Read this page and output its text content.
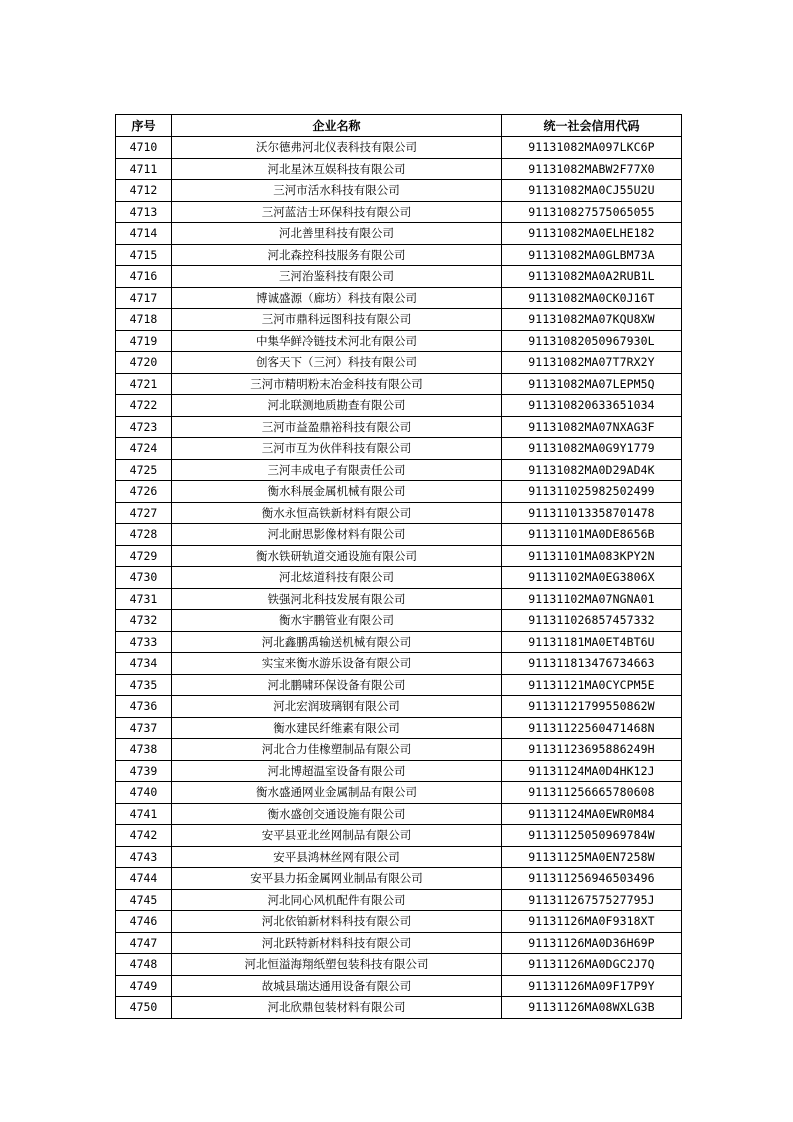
序号	企业名称	统一社会信用代码
4710	沃尔德弗河北仪表科技有限公司	91131082MA097LKC6P
4711	河北星沐互娱科技有限公司	91131082MABW2F77X0
4712	三河市活水科技有限公司	91131082MA0CJ55U2U
4713	三河蓝洁士环保科技有限公司	911310827575065055
4714	河北善里科技有限公司	91131082MA0ELHE182
4715	河北森控科技服务有限公司	91131082MA0GLBM73A
4716	三河治鉴科技有限公司	91131082MA0A2RUB1L
4717	博诚盛源（廊坊）科技有限公司	91131082MA0CK0J16T
4718	三河市鼎科远图科技有限公司	91131082MA07KQU8XW
4719	中集华鲜冷链技术河北有限公司	91131082050967930L
4720	创客天下（三河）科技有限公司	91131082MA07T7RX2Y
4721	三河市精明粉末冶金科技有限公司	91131082MA07LEPM5Q
4722	河北联测地质勘查有限公司	911310820633651034
4723	三河市益盈鼎裕科技有限公司	91131082MA07NXAG3F
4724	三河市互为伙伴科技有限公司	91131082MA0G9Y1779
4725	三河丰成电子有限责任公司	91131082MA0D29AD4K
4726	衡水科展金属机械有限公司	911311025982502499
4727	衡水永恒高铁新材料有限公司	911311013358701478
4728	河北耐思影像材料有限公司	91131101MA0DE8656B
4729	衡水铁研轨道交通设施有限公司	91131101MA083KPY2N
4730	河北炫道科技有限公司	91131102MA0EG3806X
4731	铁强河北科技发展有限公司	91131102MA07NGNA01
4732	衡水宇鹏管业有限公司	911311026857457332
4733	河北鑫鹏禹输送机械有限公司	91131181MA0ET4BT6U
4734	实宝来衡水游乐设备有限公司	911311813476734663
4735	河北鹏啸环保设备有限公司	91131121MA0CYCPM5E
4736	河北宏润玻璃钢有限公司	91131121799550862W
4737	衡水建民纤维素有限公司	91131122560471468N
4738	河北合力佳橡塑制品有限公司	91131123695886249H
4739	河北博超温室设备有限公司	91131124MA0D4HK12J
4740	衡水盛通网业金属制品有限公司	911311256665780608
4741	衡水盛创交通设施有限公司	91131124MA0EWR0M84
4742	安平县亚北丝网制品有限公司	91131125050969784W
4743	安平县鸿林丝网有限公司	91131125MA0EN7258W
4744	安平县力拓金属网业制品有限公司	911311256946503496
4745	河北同心风机配件有限公司	91131126757527795J
4746	河北依铂新材料科技有限公司	91131126MA0F9318XT
4747	河北跃特新材料科技有限公司	91131126MA0D36H69P
4748	河北恒溢海翔纸塑包装科技有限公司	91131126MA0DGC2J7Q
4749	故城县瑞达通用设备有限公司	91131126MA09F17P9Y
4750	河北欣鼎包装材料有限公司	91131126MA08WXLG3B
